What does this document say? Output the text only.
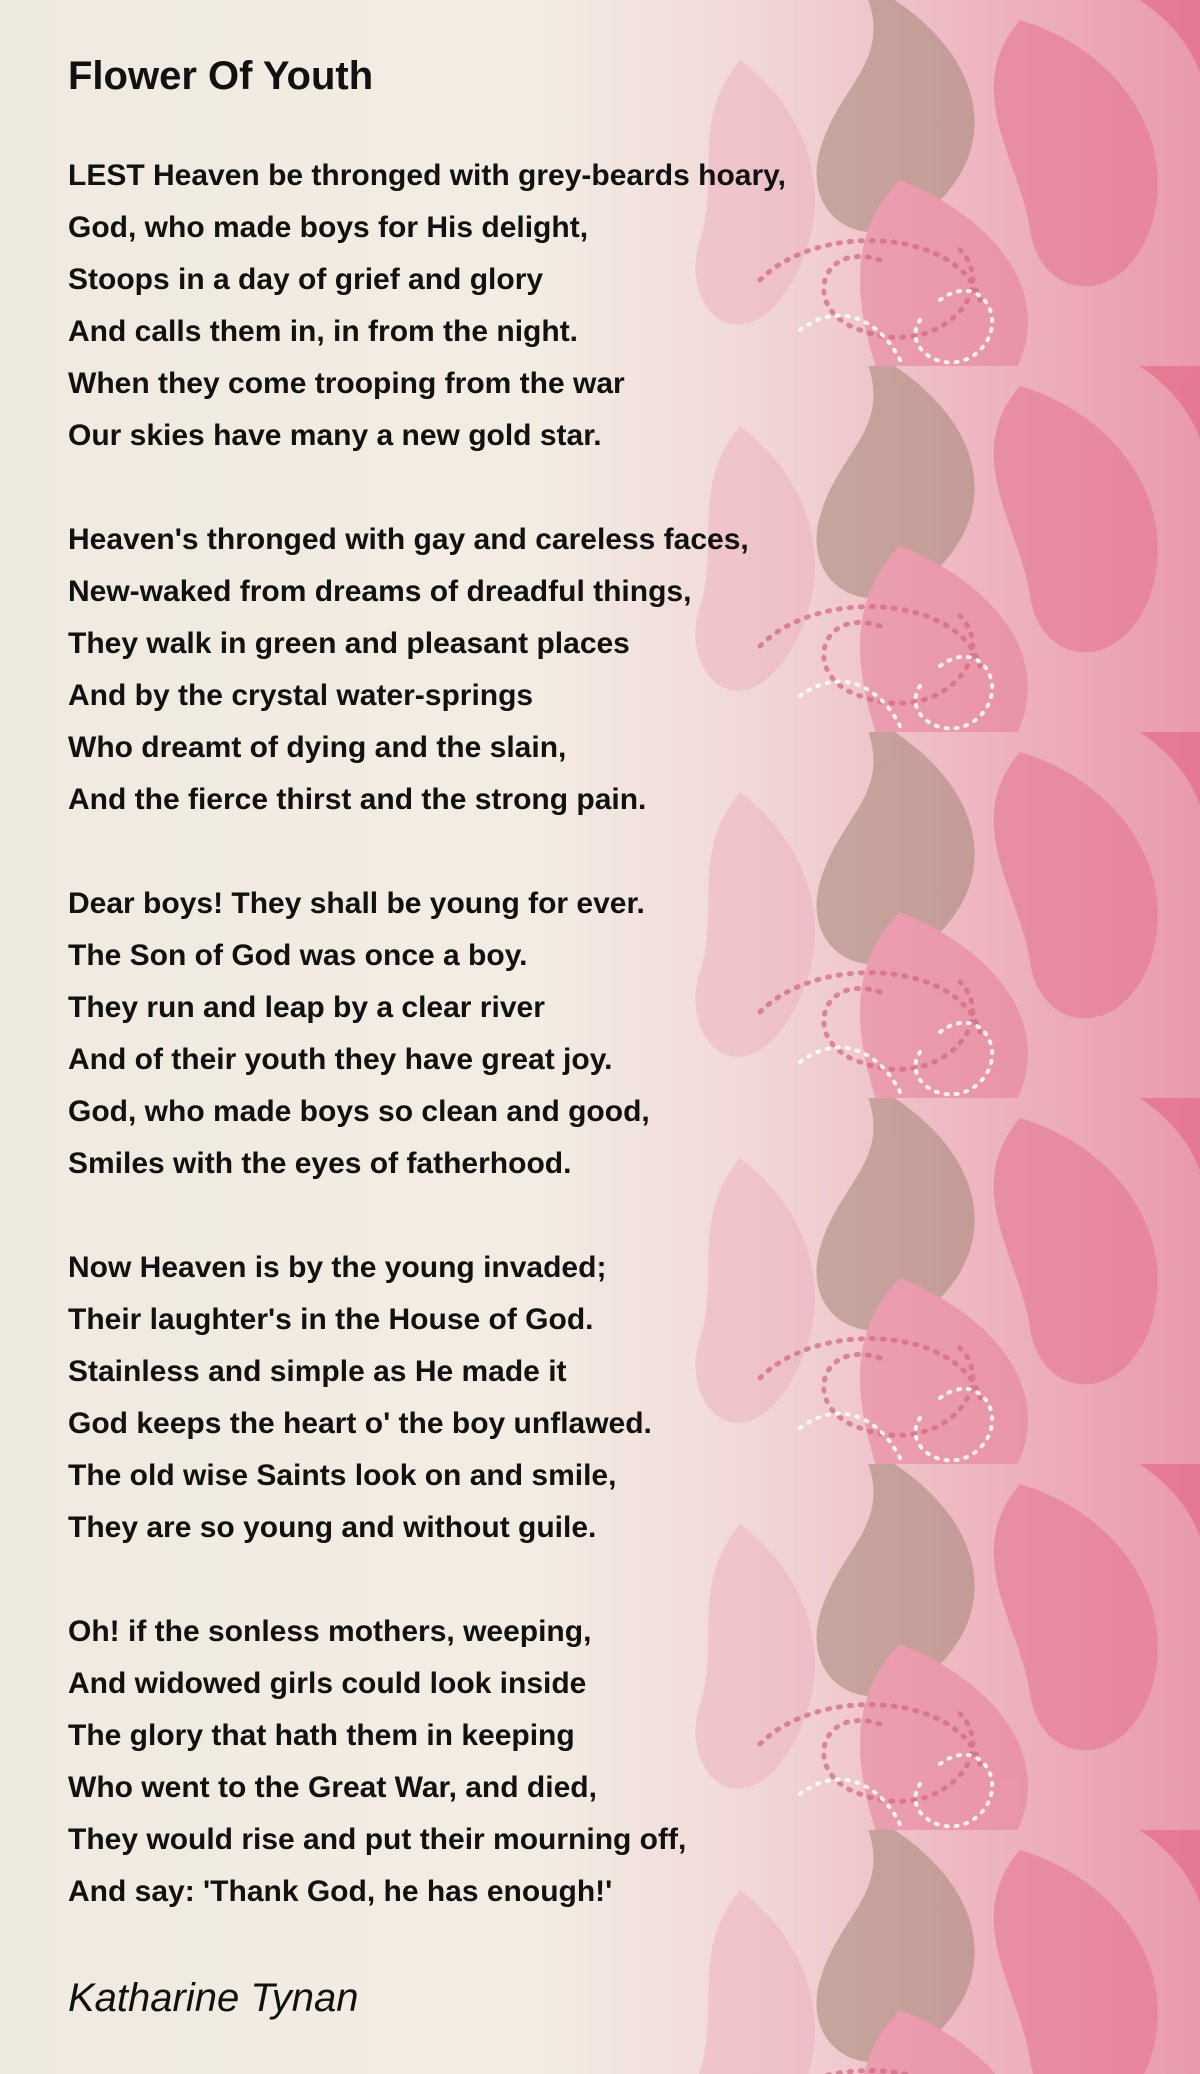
Flower Of Youth
LEST Heaven be thronged with grey-beards hoary,
God, who made boys for His delight,
Stoops in a day of grief and glory
And calls them in, in from the night.
When they come trooping from the war
Our skies have many a new gold star.
Heaven's thronged with gay and careless faces,
New-waked from dreams of dreadful things,
They walk in green and pleasant places
And by the crystal water-springs
Who dreamt of dying and the slain,
And the fierce thirst and the strong pain.
Dear boys! They shall be young for ever.
The Son of God was once a boy.
They run and leap by a clear river
And of their youth they have great joy.
God, who made boys so clean and good,
Smiles with the eyes of fatherhood.
Now Heaven is by the young invaded;
Their laughter's in the House of God.
Stainless and simple as He made it
God keeps the heart o' the boy unflawed.
The old wise Saints look on and smile,
They are so young and without guile.
Oh! if the sonless mothers, weeping,
And widowed girls could look inside
The glory that hath them in keeping
Who went to the Great War, and died,
They would rise and put their mourning off,
And say: 'Thank God, he has enough!'
Katharine Tynan
